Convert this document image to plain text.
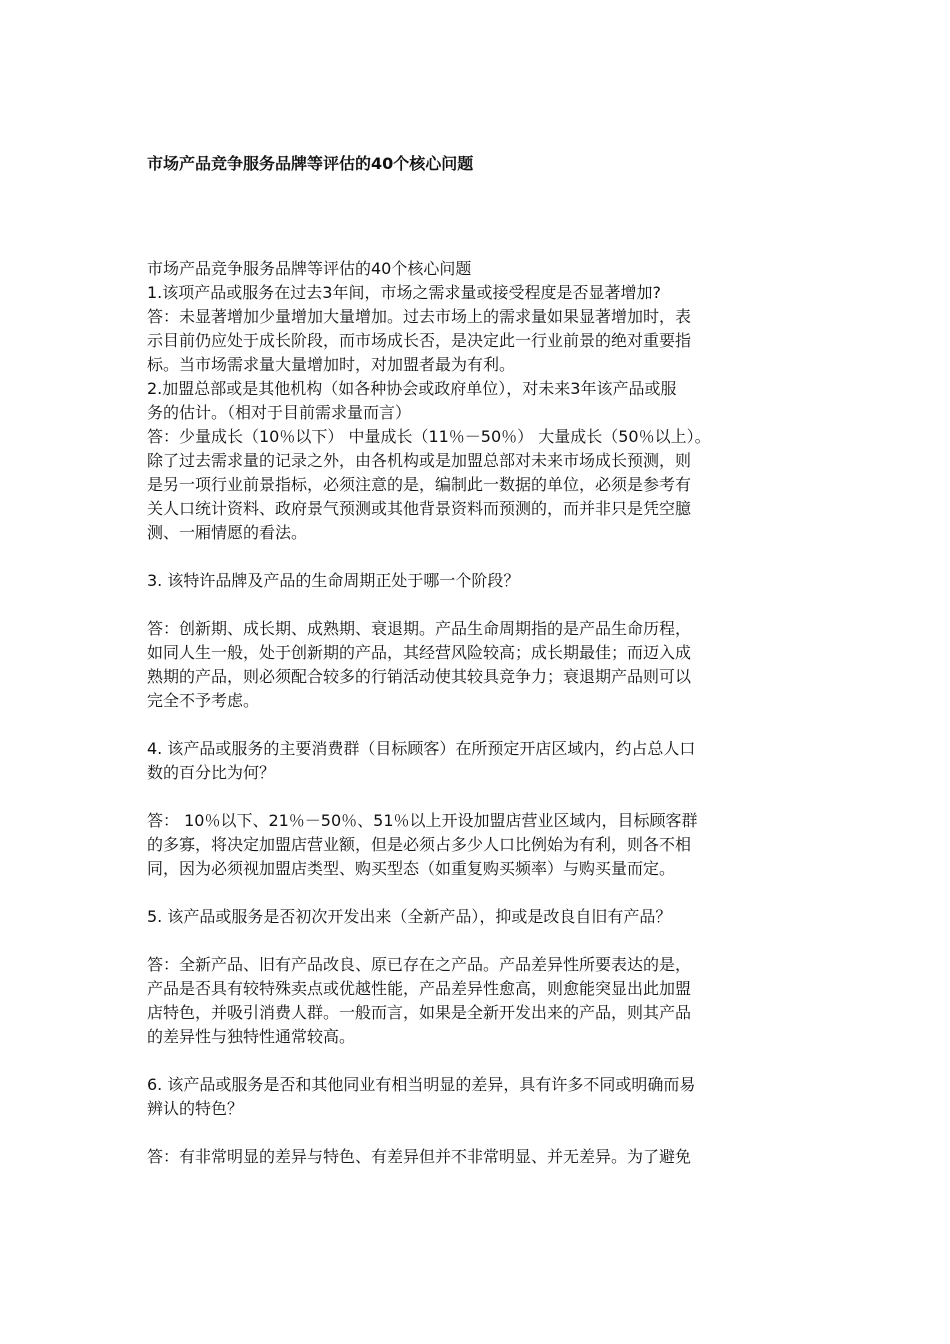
市场产品竞争服务品牌等评估的40个核心问题
市场产品竞争服务品牌等评估的40个核心问题
1.该项产品或服务在过去3年间，市场之需求量或接受程度是否显著增加?
答：未显著增加少量增加大量增加。过去市场上的需求量如果显著增加时，表
示目前仍应处于成长阶段，而市场成长否，是决定此一行业前景的绝对重要指
标。当市场需求量大量增加时，对加盟者最为有利。
2.加盟总部或是其他机构（如各种协会或政府单位），对未来3年该产品或服
务的估计。（相对于目前需求量而言）
答：少量成长（10％以下） 中量成长（11％－50％） 大量成长（50％以上）。
除了过去需求量的记录之外，由各机构或是加盟总部对未来市场成长预测，则
是另一项行业前景指标，必须注意的是，编制此一数据的单位，必须是参考有
关人口统计资料、政府景气预测或其他背景资料而预测的，而并非只是凭空臆
测、一厢情愿的看法。
3. 该特许品牌及产品的生命周期正处于哪一个阶段？
答：创新期、成长期、成熟期、衰退期。产品生命周期指的是产品生命历程，
如同人生一般，处于创新期的产品，其经营风险较高；成长期最佳；而迈入成
熟期的产品，则必须配合较多的行销活动使其较具竞争力；衰退期产品则可以
完全不予考虑。
4. 该产品或服务的主要消费群（目标顾客）在所预定开店区域内，约占总人口
数的百分比为何？
答： 10％以下、21％－50％、51％以上开设加盟店营业区域内，目标顾客群
的多寡，将决定加盟店营业额，但是必须占多少人口比例始为有利，则各不相
同，因为必须视加盟店类型、购买型态（如重复购买频率）与购买量而定。
5. 该产品或服务是否初次开发出来（全新产品），抑或是改良自旧有产品？
答：全新产品、旧有产品改良、原已存在之产品。产品差异性所要表达的是，
产品是否具有较特殊卖点或优越性能，产品差异性愈高，则愈能突显出此加盟
店特色，并吸引消费人群。一般而言，如果是全新开发出来的产品，则其产品
的差异性与独特性通常较高。
6. 该产品或服务是否和其他同业有相当明显的差异，具有许多不同或明确而易
辨认的特色？
答：有非常明显的差异与特色、有差异但并不非常明显、并无差异。为了避免
